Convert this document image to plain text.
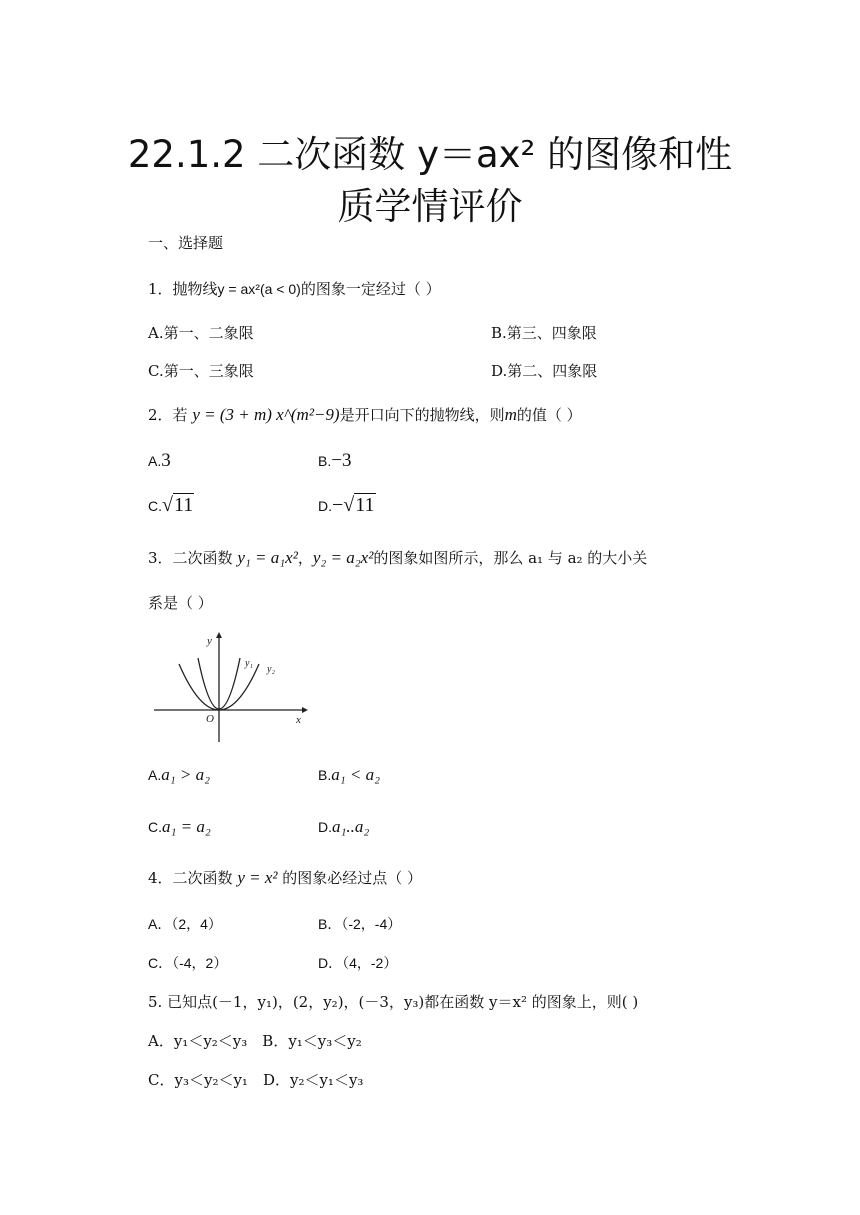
22.1.2 二次函数 y＝ax² 的图像和性
质学情评价
一、选择题
1．抛物线y = ax²(a < 0)的图象一定经过（ ）
A.第一、二象限	B.第三、四象限
C.第一、三象限	D.第二、四象限
2．若 y = (3 + m) x^(m²−9)是开口向下的抛物线，则m的值（ ）
A.3	B.−3
C.√11	D.−√11
3．二次函数 y₁ = a₁x²，y₂ = a₂x²的图象如图所示，那么 a₁ 与 a₂ 的大小关
系是（ ）
y
x
O
y₁
y₂
A.a₁ > a₂	B.a₁ < a₂
C.a₁ = a₂	D.a₁..a₂
4．二次函数 y = x² 的图象必经过点（ ）
A．（2，4）	B．（-2，-4）
C．（-4，2）	D．（4，-2）
5. 已知点(－1，y₁)，(2，y₂)，(－3，y₃)都在函数 y＝x² 的图象上，则( )
A．y₁＜y₂＜y₃　B．y₁＜y₃＜y₂
C．y₃＜y₂＜y₁　D．y₂＜y₁＜y₃
